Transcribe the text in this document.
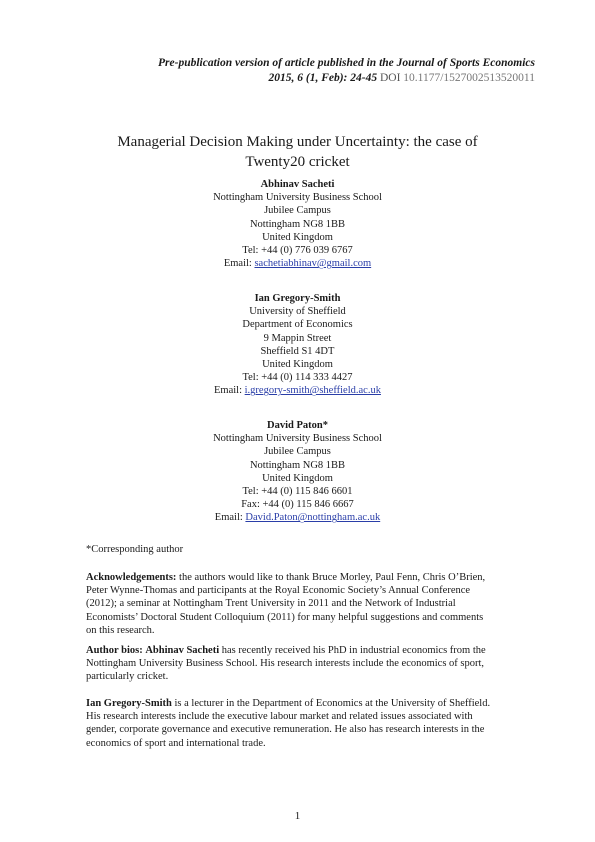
Pre-publication version of article published in the Journal of Sports Economics
2015, 6 (1, Feb): 24-45 DOI 10.1177/1527002513520011
Managerial Decision Making under Uncertainty: the case of
Twenty20 cricket
Abhinav Sacheti
Nottingham University Business School
Jubilee Campus
Nottingham NG8 1BB
United Kingdom
Tel: +44 (0) 776 039 6767
Email: sachetiabhinav@gmail.com
Ian Gregory-Smith
University of Sheffield
Department of Economics
9 Mappin Street
Sheffield S1 4DT
United Kingdom
Tel: +44 (0) 114 333 4427
Email: i.gregory-smith@sheffield.ac.uk
David Paton*
Nottingham University Business School
Jubilee Campus
Nottingham NG8 1BB
United Kingdom
Tel: +44 (0) 115 846 6601
Fax: +44 (0) 115 846 6667
Email: David.Paton@nottingham.ac.uk
*Corresponding author
Acknowledgements: the authors would like to thank Bruce Morley, Paul Fenn, Chris O’Brien,
Peter Wynne-Thomas and participants at the Royal Economic Society’s Annual Conference
(2012); a seminar at Nottingham Trent University in 2011 and the Network of Industrial
Economists’ Doctoral Student Colloquium (2011) for many helpful suggestions and comments
on this research.
Author bios: Abhinav Sacheti has recently received his PhD in industrial economics from the
Nottingham University Business School. His research interests include the economics of sport,
particularly cricket.
Ian Gregory-Smith is a lecturer in the Department of Economics at the University of Sheffield.
His research interests include the executive labour market and related issues associated with
gender, corporate governance and executive remuneration. He also has research interests in the
economics of sport and international trade.
1
